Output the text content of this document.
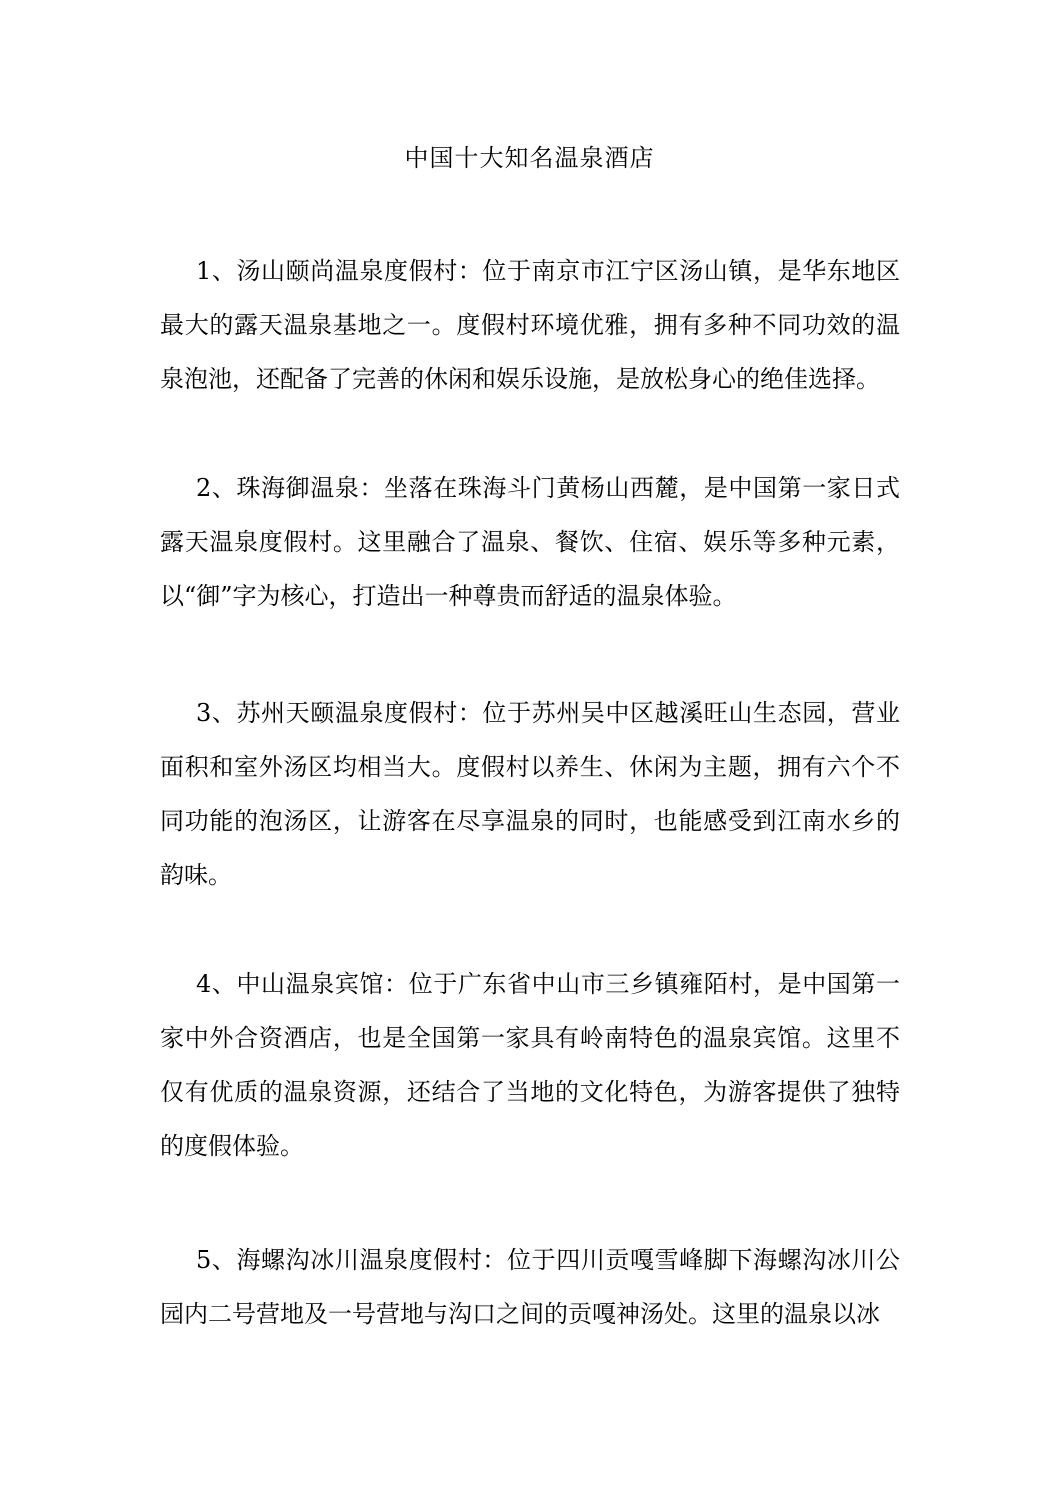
中国十大知名温泉酒店

1、汤山颐尚温泉度假村：位于南京市江宁区汤山镇，是华东地区最大的露天温泉基地之一。度假村环境优雅，拥有多种不同功效的温泉泡池，还配备了完善的休闲和娱乐设施，是放松身心的绝佳选择。

2、珠海御温泉：坐落在珠海斗门黄杨山西麓，是中国第一家日式露天温泉度假村。这里融合了温泉、餐饮、住宿、娱乐等多种元素，以“御”字为核心，打造出一种尊贵而舒适的温泉体验。

3、苏州天颐温泉度假村：位于苏州吴中区越溪旺山生态园，营业面积和室外汤区均相当大。度假村以养生、休闲为主题，拥有六个不同功能的泡汤区，让游客在尽享温泉的同时，也能感受到江南水乡的韵味。

4、中山温泉宾馆：位于广东省中山市三乡镇雍陌村，是中国第一家中外合资酒店，也是全国第一家具有岭南特色的温泉宾馆。这里不仅有优质的温泉资源，还结合了当地的文化特色，为游客提供了独特的度假体验。

5、海螺沟冰川温泉度假村：位于四川贡嘎雪峰脚下海螺沟冰川公园内二号营地及一号营地与沟口之间的贡嘎神汤处。这里的温泉以冰
